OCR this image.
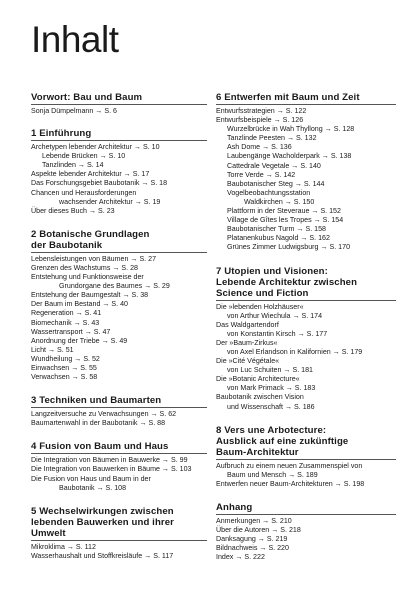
Inhalt
Vorwort: Bau und Baum
Sonja Dümpelmann → S. 6
1 Einführung
Archetypen lebender Architektur → S. 10
Lebende Brücken → S. 10
Tanzlinden → S. 14
Aspekte lebender Architektur → S. 17
Das Forschungsgebiet Baubotanik → S. 18
Chancen und Herausforderungen
wachsender Architektur → S. 19
Über dieses Buch → S. 23
2 Botanische Grundlagen
der Baubotanik
Lebensleistungen von Bäumen → S. 27
Grenzen des Wachstums → S. 28
Entstehung und Funktionsweise der
Grundorgane des Baumes → S. 29
Entstehung der Baumgestalt → S. 38
Der Baum im Bestand → S. 40
Regeneration → S. 41
Biomechanik → S. 43
Wassertransport → S. 47
Anordnung der Triebe → S. 49
Licht → S. 51
Wundheilung → S. 52
Einwachsen → S. 55
Verwachsen → S. 58
3 Techniken und Baumarten
Langzeitversuche zu Verwachsungen → S. 62
Baumartenwahl in der Baubotanik → S. 88
4 Fusion von Baum und Haus
Die Integration von Bäumen in Bauwerke → S. 99
Die Integration von Bauwerken in Bäume → S. 103
Die Fusion von Haus und Baum in der
Baubotanik → S. 108
5 Wechselwirkungen zwischen
lebenden Bauwerken und ihrer
Umwelt
Mikroklima → S. 112
Wasserhaushalt und Stoffkreisläufe → S. 117
6 Entwerfen mit Baum und Zeit
Entwurfsstrategien → S. 122
Entwurfsbeispiele → S. 126
Wurzelbrücke in Wah Thyllong → S. 128
Tanzlinde Peesten → S. 132
Ash Dome → S. 136
Laubengänge Wacholderpark → S. 138
Cattedrale Vegetale → S. 140
Torre Verde → S. 142
Baubotanischer Steg → S. 144
Vogelbeobachtungsstation
Waldkirchen → S. 150
Plattform in der Steveraue → S. 152
Village de Gîtes les Tropes → S. 154
Baubotanischer Turm → S. 158
Platanenkubus Nagold → S. 162
Grünes Zimmer Ludwigsburg → S. 170
7 Utopien und Visionen:
Lebende Architektur zwischen
Science und Fiction
Die »lebenden Holzhäuser«
von Arthur Wiechula → S. 174
Das Waldgartendorf
von Konstantin Kirsch → S. 177
Der »Baum-Zirkus«
von Axel Erlandson in Kalifornien → S. 179
Die »Cité Végétale«
von Luc Schuiten → S. 181
Die »Botanic Architecture«
von Mark Primack → S. 183
Baubotanik zwischen Vision
und Wissenschaft → S. 186
8 Vers une Arbotecture:
Ausblick auf eine zukünftige
Baum-Architektur
Aufbruch zu einem neuen Zusammenspiel von
Baum und Mensch → S. 189
Entwerfen neuer Baum-Architekturen → S. 198
Anhang
Anmerkungen → S. 210
Über die Autoren → S. 218
Danksagung → S. 219
Bildnachweis → S. 220
Index → S. 222
